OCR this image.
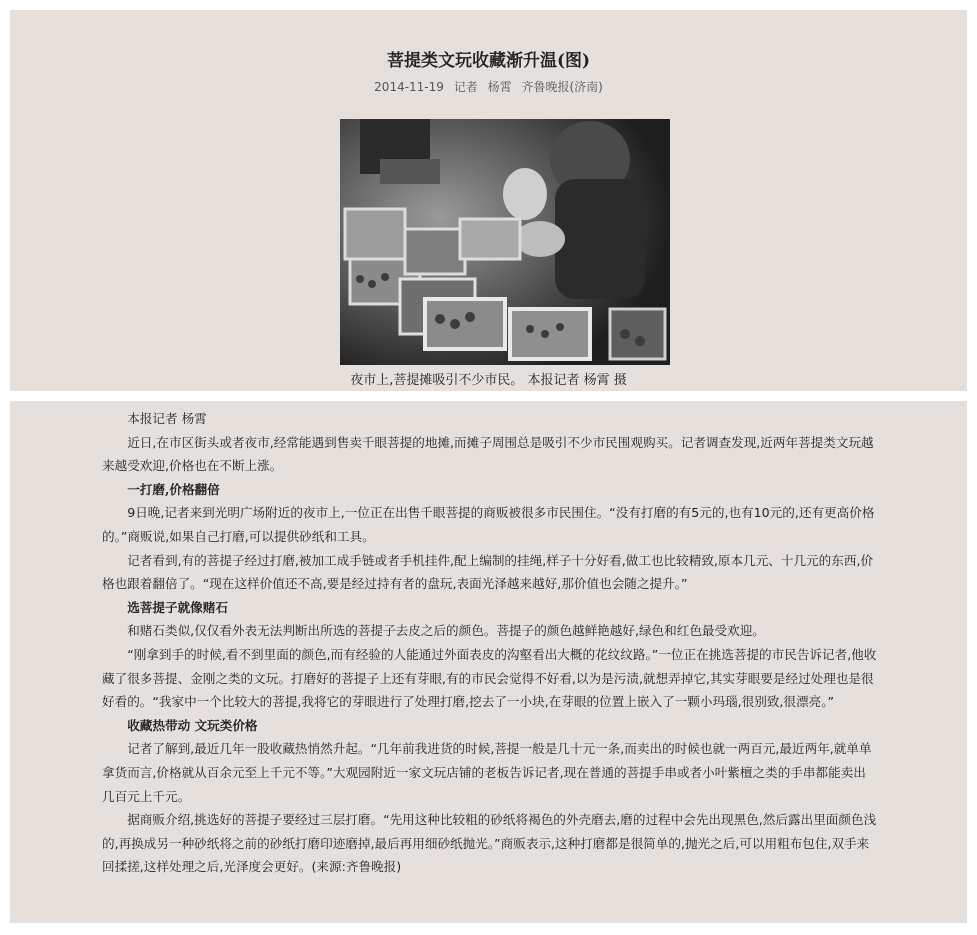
菩提类文玩收藏渐升温(图)
2014-11-19 记者 杨霄 齐鲁晚报(济南)
夜市上,菩提摊吸引不少市民。 本报记者 杨霄 摄

本报记者 杨霄

近日,在市区街头或者夜市,经常能遇到售卖千眼菩提的地摊,而摊子周围总是吸引不少市民围观购买。记者调查发现,近两年菩提类文玩越来越受欢迎,价格也在不断上涨。

一打磨,价格翻倍

9日晚,记者来到光明广场附近的夜市上,一位正在出售千眼菩提的商贩被很多市民围住。“没有打磨的有5元的,也有10元的,还有更高价格的。”商贩说,如果自己打磨,可以提供砂纸和工具。

记者看到,有的菩提子经过打磨,被加工成手链或者手机挂件,配上编制的挂绳,样子十分好看,做工也比较精致,原本几元、十几元的东西,价格也跟着翻倍了。“现在这样价值还不高,要是经过持有者的盘玩,表面光泽越来越好,那价值也会随之提升。”

选菩提子就像赌石

和赌石类似,仅仅看外表无法判断出所选的菩提子去皮之后的颜色。菩提子的颜色越鲜艳越好,绿色和红色最受欢迎。

“刚拿到手的时候,看不到里面的颜色,而有经验的人能通过外面表皮的沟壑看出大概的花纹纹路。”一位正在挑选菩提的市民告诉记者,他收藏了很多菩提、金刚之类的文玩。打磨好的菩提子上还有芽眼,有的市民会觉得不好看,以为是污渍,就想弄掉它,其实芽眼要是经过处理也是很好看的。“我家中一个比较大的菩提,我将它的芽眼进行了处理打磨,挖去了一小块,在芽眼的位置上嵌入了一颗小玛瑙,很别致,很漂亮。”

收藏热带动 文玩类价格

记者了解到,最近几年一股收藏热悄然升起。“几年前我进货的时候,菩提一般是几十元一条,而卖出的时候也就一两百元,最近两年,就单单拿货而言,价格就从百余元至上千元不等。”大观园附近一家文玩店铺的老板告诉记者,现在普通的菩提手串或者小叶紫檀之类的手串都能卖出几百元上千元。

据商贩介绍,挑选好的菩提子要经过三层打磨。“先用这种比较粗的砂纸将褐色的外壳磨去,磨的过程中会先出现黑色,然后露出里面颜色浅的,再换成另一种砂纸将之前的砂纸打磨印迹磨掉,最后再用细砂纸抛光。”商贩表示,这种打磨都是很简单的,抛光之后,可以用粗布包住,双手来回揉搓,这样处理之后,光泽度会更好。(来源:齐鲁晚报)
